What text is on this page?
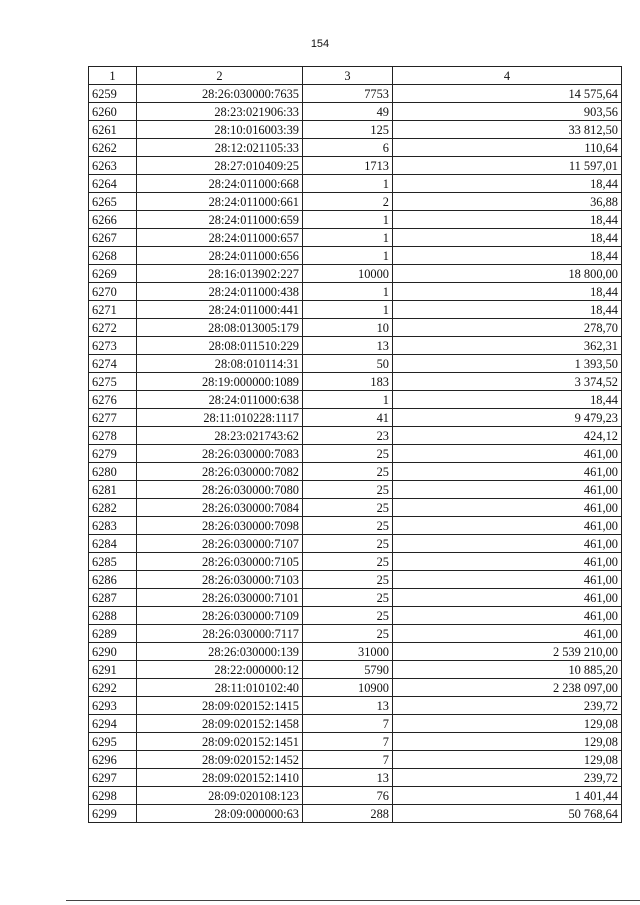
154
1	2	3	4
6259	28:26:030000:7635	7753	14 575,64
6260	28:23:021906:33	49	903,56
6261	28:10:016003:39	125	33 812,50
6262	28:12:021105:33	6	110,64
6263	28:27:010409:25	1713	11 597,01
6264	28:24:011000:668	1	18,44
6265	28:24:011000:661	2	36,88
6266	28:24:011000:659	1	18,44
6267	28:24:011000:657	1	18,44
6268	28:24:011000:656	1	18,44
6269	28:16:013902:227	10000	18 800,00
6270	28:24:011000:438	1	18,44
6271	28:24:011000:441	1	18,44
6272	28:08:013005:179	10	278,70
6273	28:08:011510:229	13	362,31
6274	28:08:010114:31	50	1 393,50
6275	28:19:000000:1089	183	3 374,52
6276	28:24:011000:638	1	18,44
6277	28:11:010228:1117	41	9 479,23
6278	28:23:021743:62	23	424,12
6279	28:26:030000:7083	25	461,00
6280	28:26:030000:7082	25	461,00
6281	28:26:030000:7080	25	461,00
6282	28:26:030000:7084	25	461,00
6283	28:26:030000:7098	25	461,00
6284	28:26:030000:7107	25	461,00
6285	28:26:030000:7105	25	461,00
6286	28:26:030000:7103	25	461,00
6287	28:26:030000:7101	25	461,00
6288	28:26:030000:7109	25	461,00
6289	28:26:030000:7117	25	461,00
6290	28:26:030000:139	31000	2 539 210,00
6291	28:22:000000:12	5790	10 885,20
6292	28:11:010102:40	10900	2 238 097,00
6293	28:09:020152:1415	13	239,72
6294	28:09:020152:1458	7	129,08
6295	28:09:020152:1451	7	129,08
6296	28:09:020152:1452	7	129,08
6297	28:09:020152:1410	13	239,72
6298	28:09:020108:123	76	1 401,44
6299	28:09:000000:63	288	50 768,64
